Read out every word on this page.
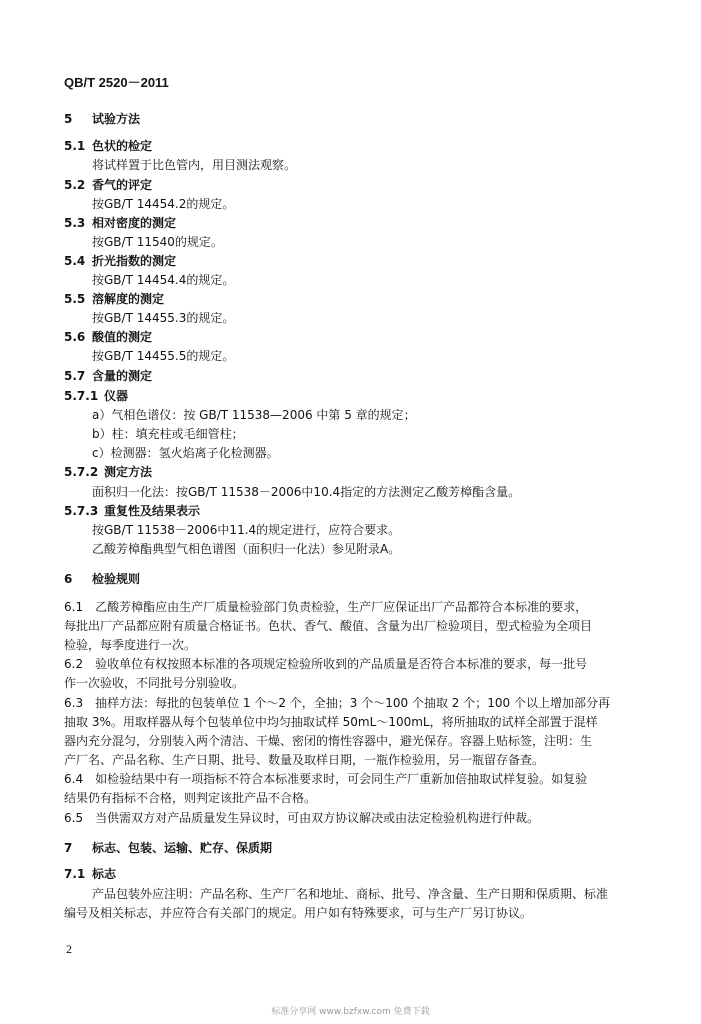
QB/T 2520－2011
5 试验方法
5.1 色状的检定
将试样置于比色管内，用目测法观察。
5.2 香气的评定
按GB/T 14454.2的规定。
5.3 相对密度的测定
按GB/T 11540的规定。
5.4 折光指数的测定
按GB/T 14454.4的规定。
5.5 溶解度的测定
按GB/T 14455.3的规定。
5.6 酸值的测定
按GB/T 14455.5的规定。
5.7 含量的测定
5.7.1 仪器
a）气相色谱仪：按 GB/T 11538—2006 中第 5 章的规定；
b）柱：填充柱或毛细管柱；
c）检测器：氢火焰离子化检测器。
5.7.2 测定方法
面积归一化法：按GB/T 11538－2006中10.4指定的方法测定乙酸芳樟酯含量。
5.7.3 重复性及结果表示
按GB/T 11538－2006中11.4的规定进行，应符合要求。
乙酸芳樟酯典型气相色谱图（面积归一化法）参见附录A。
6 检验规则
6.1　乙酸芳樟酯应由生产厂质量检验部门负责检验，生产厂应保证出厂产品都符合本标准的要求，
每批出厂产品都应附有质量合格证书。色状、香气、酸值、含量为出厂检验项目，型式检验为全项目
检验，每季度进行一次。
6.2　验收单位有权按照本标准的各项规定检验所收到的产品质量是否符合本标准的要求，每一批号
作一次验收，不同批号分别验收。
6.3　抽样方法：每批的包装单位 1 个～2 个，全抽；3 个～100 个抽取 2 个；100 个以上增加部分再
抽取 3%。用取样器从每个包装单位中均匀抽取试样 50mL～100mL，将所抽取的试样全部置于混样
器内充分混匀，分别装入两个清洁、干燥、密闭的惰性容器中，避光保存。容器上贴标签，注明：生
产厂名、产品名称、生产日期、批号、数量及取样日期，一瓶作检验用，另一瓶留存备查。
6.4　如检验结果中有一项指标不符合本标准要求时，可会同生产厂重新加倍抽取试样复验。如复验
结果仍有指标不合格，则判定该批产品不合格。
6.5　当供需双方对产品质量发生异议时，可由双方协议解决或由法定检验机构进行仲裁。
7 标志、包装、运输、贮存、保质期
7.1 标志
产品包装外应注明：产品名称、生产厂名和地址、商标、批号、净含量、生产日期和保质期、标准
编号及相关标志，并应符合有关部门的规定。用户如有特殊要求，可与生产厂另订协议。
2
标准分享网 www.bzfxw.com 免费下载
